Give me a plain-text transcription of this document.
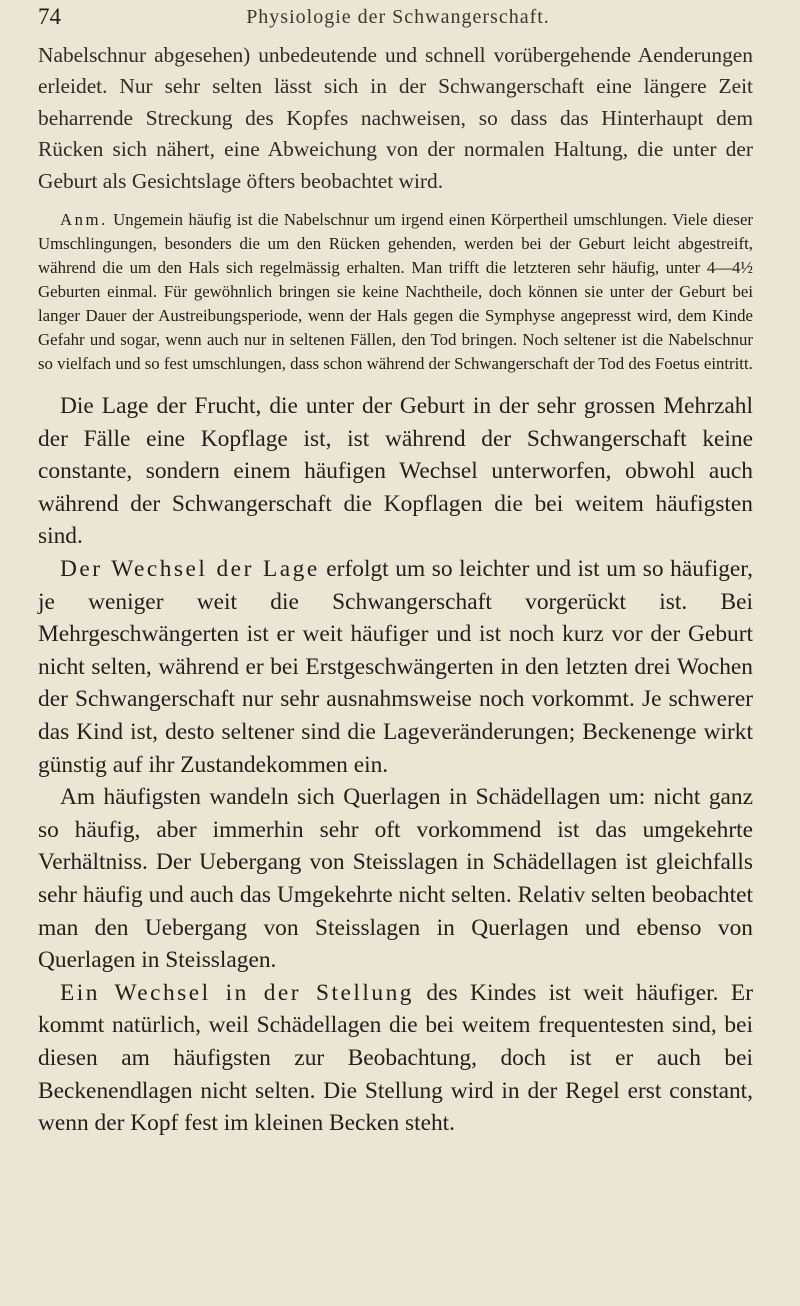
74	Physiologie der Schwangerschaft.

Nabelschnur abgesehen) unbedeutende und schnell vorübergehende Aenderungen erleidet. Nur sehr selten lässt sich in der Schwangerschaft eine längere Zeit beharrende Streckung des Kopfes nachweisen, so dass das Hinterhaupt dem Rücken sich nähert, eine Abweichung von der normalen Haltung, die unter der Geburt als Gesichtslage öfters beobachtet wird.

Anm. Ungemein häufig ist die Nabelschnur um irgend einen Körpertheil umschlungen. Viele dieser Umschlingungen, besonders die um den Rücken gehenden, werden bei der Geburt leicht abgestreift, während die um den Hals sich regelmässig erhalten. Man trifft die letzteren sehr häufig, unter 4—4½ Geburten einmal. Für gewöhnlich bringen sie keine Nachtheile, doch können sie unter der Geburt bei langer Dauer der Austreibungsperiode, wenn der Hals gegen die Symphyse angepresst wird, dem Kinde Gefahr und sogar, wenn auch nur in seltenen Fällen, den Tod bringen. Noch seltener ist die Nabelschnur so vielfach und so fest umschlungen, dass schon während der Schwangerschaft der Tod des Foetus eintritt.

Die Lage der Frucht, die unter der Geburt in der sehr grossen Mehrzahl der Fälle eine Kopflage ist, ist während der Schwangerschaft keine constante, sondern einem häufigen Wechsel unterworfen, obwohl auch während der Schwangerschaft die Kopflagen die bei weitem häufigsten sind.

Der Wechsel der Lage erfolgt um so leichter und ist um so häufiger, je weniger weit die Schwangerschaft vorgerückt ist. Bei Mehrgeschwängerten ist er weit häufiger und ist noch kurz vor der Geburt nicht selten, während er bei Erstgeschwängerten in den letzten drei Wochen der Schwangerschaft nur sehr ausnahmsweise noch vorkommt. Je schwerer das Kind ist, desto seltener sind die Lageveränderungen; Beckenenge wirkt günstig auf ihr Zustandekommen ein.

Am häufigsten wandeln sich Querlagen in Schädellagen um: nicht ganz so häufig, aber immerhin sehr oft vorkommend ist das umgekehrte Verhältniss. Der Uebergang von Steisslagen in Schädellagen ist gleichfalls sehr häufig und auch das Umgekehrte nicht selten. Relativ selten beobachtet man den Uebergang von Steisslagen in Querlagen und ebenso von Querlagen in Steisslagen.

Ein Wechsel in der Stellung des Kindes ist weit häufiger. Er kommt natürlich, weil Schädellagen die bei weitem frequentesten sind, bei diesen am häufigsten zur Beobachtung, doch ist er auch bei Beckenendlagen nicht selten. Die Stellung wird in der Regel erst constant, wenn der Kopf fest im kleinen Becken steht.
